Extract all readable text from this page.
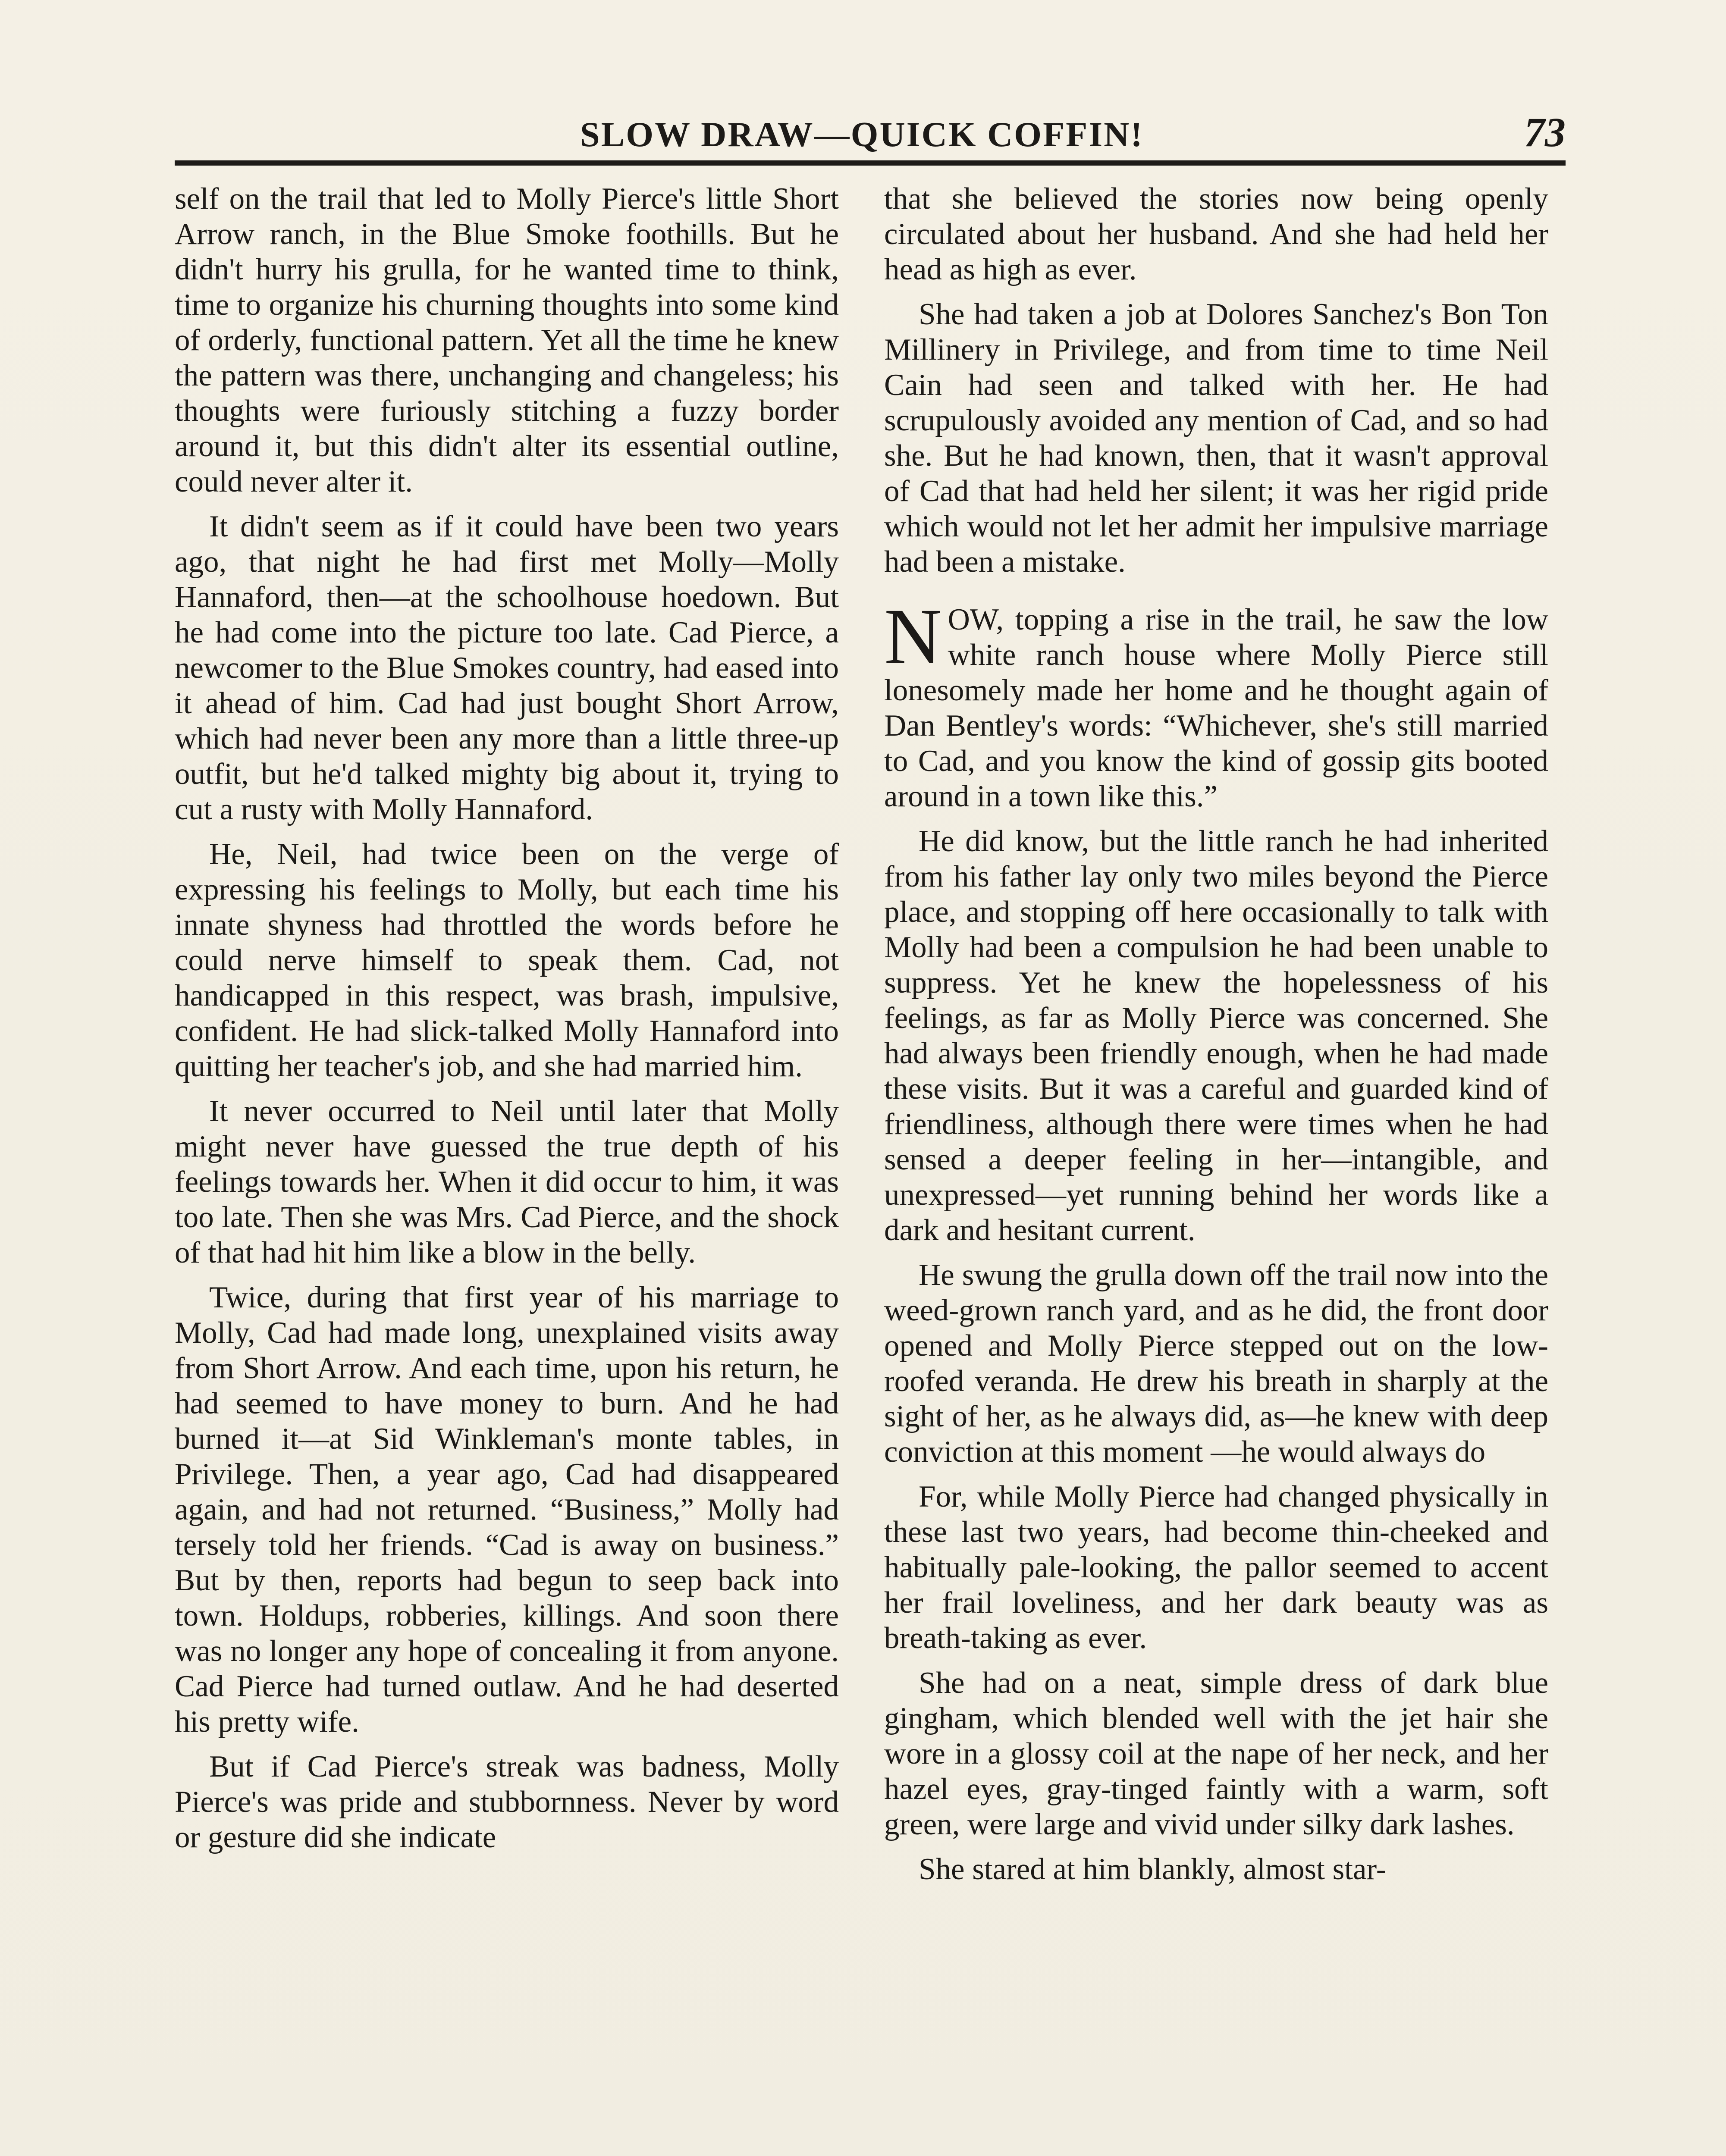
SLOW DRAW—QUICK COFFIN!	73

self on the trail that led to Molly Pierce's little Short Arrow ranch, in the Blue Smoke foothills. But he didn't hurry his grulla, for he wanted time to think, time to organize his churning thoughts into some kind of orderly, functional pattern. Yet all the time he knew the pattern was there, unchanging and changeless; his thoughts were furiously stitching a fuzzy border around it, but this didn't alter its essential outline, could never alter it.

It didn't seem as if it could have been two years ago, that night he had first met Molly—Molly Hannaford, then—at the schoolhouse hoedown. But he had come into the picture too late. Cad Pierce, a newcomer to the Blue Smokes country, had eased into it ahead of him. Cad had just bought Short Arrow, which had never been any more than a little three-up outfit, but he'd talked mighty big about it, trying to cut a rusty with Molly Hannaford.

He, Neil, had twice been on the verge of expressing his feelings to Molly, but each time his innate shyness had throttled the words before he could nerve himself to speak them. Cad, not handicapped in this respect, was brash, impulsive, confident. He had slick-talked Molly Hannaford into quitting her teacher's job, and she had married him.

It never occurred to Neil until later that Molly might never have guessed the true depth of his feelings towards her. When it did occur to him, it was too late. Then she was Mrs. Cad Pierce, and the shock of that had hit him like a blow in the belly.

Twice, during that first year of his marriage to Molly, Cad had made long, unexplained visits away from Short Arrow. And each time, upon his return, he had seemed to have money to burn. And he had burned it—at Sid Winkleman's monte tables, in Privilege. Then, a year ago, Cad had disappeared again, and had not returned. “Business,” Molly had tersely told her friends. “Cad is away on business.” But by then, reports had begun to seep back into town. Holdups, robberies, killings. And soon there was no longer any hope of concealing it from anyone. Cad Pierce had turned outlaw. And he had deserted his pretty wife.

But if Cad Pierce's streak was badness, Molly Pierce's was pride and stubbornness. Never by word or gesture did she indicate

that she believed the stories now being openly circulated about her husband. And she had held her head as high as ever.

She had taken a job at Dolores Sanchez's Bon Ton Millinery in Privilege, and from time to time Neil Cain had seen and talked with her. He had scrupulously avoided any mention of Cad, and so had she. But he had known, then, that it wasn't approval of Cad that had held her silent; it was her rigid pride which would not let her admit her impulsive marriage had been a mistake.

NOW, topping a rise in the trail, he saw the low white ranch house where Molly Pierce still lonesomely made her home and he thought again of Dan Bentley's words: “Whichever, she's still married to Cad, and you know the kind of gossip gits booted around in a town like this.”

He did know, but the little ranch he had inherited from his father lay only two miles beyond the Pierce place, and stopping off here occasionally to talk with Molly had been a compulsion he had been unable to suppress. Yet he knew the hopelessness of his feelings, as far as Molly Pierce was concerned. She had always been friendly enough, when he had made these visits. But it was a careful and guarded kind of friendliness, although there were times when he had sensed a deeper feeling in her—intangible, and unexpressed—yet running behind her words like a dark and hesitant current.

He swung the grulla down off the trail now into the weed-grown ranch yard, and as he did, the front door opened and Molly Pierce stepped out on the low-roofed veranda. He drew his breath in sharply at the sight of her, as he always did, as—he knew with deep conviction at this moment —he would always do

For, while Molly Pierce had changed physically in these last two years, had become thin-cheeked and habitually pale-looking, the pallor seemed to accent her frail loveliness, and her dark beauty was as breath-taking as ever.

She had on a neat, simple dress of dark blue gingham, which blended well with the jet hair she wore in a glossy coil at the nape of her neck, and her hazel eyes, gray-tinged faintly with a warm, soft green, were large and vivid under silky dark lashes.

She stared at him blankly, almost star-
